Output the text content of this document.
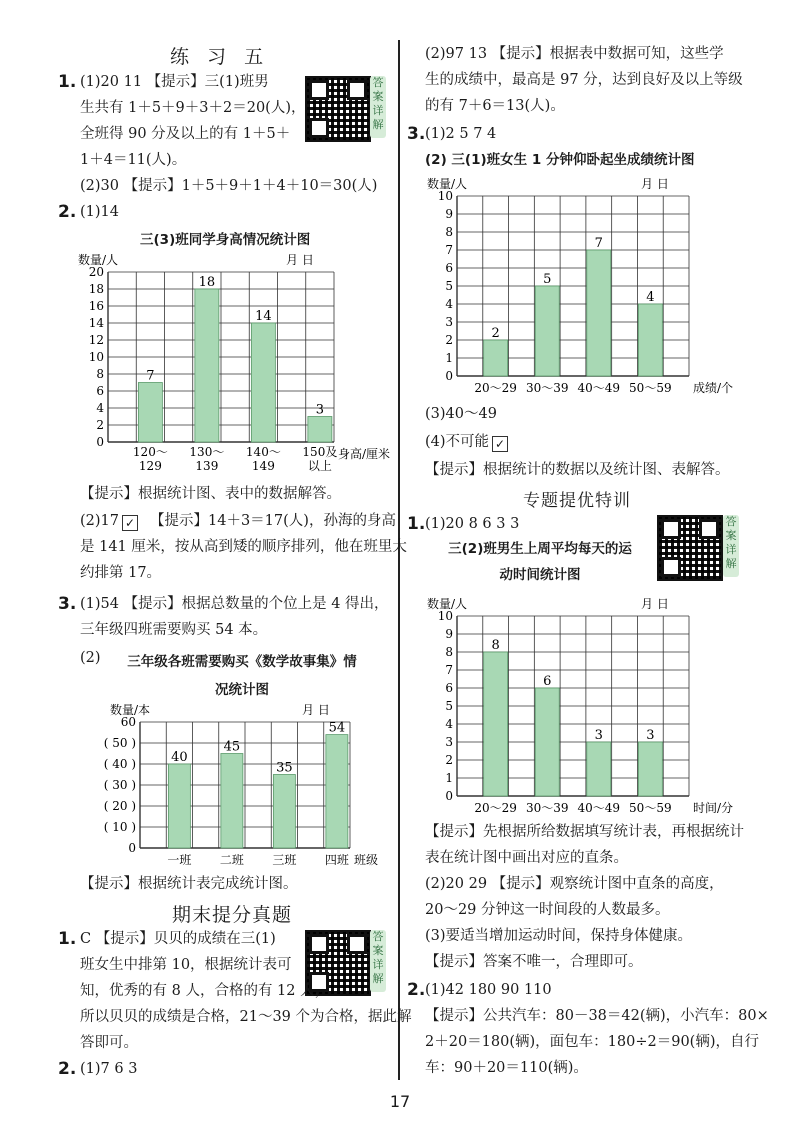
练 习 五
答案详解
1. (1)20 11 【提示】三(1)班男
生共有 1＋5＋9＋3＋2＝20(人)，
全班得 90 分及以上的有 1＋5＋
1＋4＝11(人)。
(2)30 【提示】1＋5＋9＋1＋4＋10＝30(人)
2. (1)14
三(3)班同学身高情况统计图
0
2
4
6
8
10
12
14
16
18
20
数量/人	月 日
7
18
14
3
120～
129
130～
139
140～
149
150及
以上
身高/厘米
【提示】根据统计图、表中的数据解答。
(2)17 ✓ 【提示】14＋3＝17(人)，孙海的身高
是 141 厘米，按从高到矮的顺序排列，他在班里大
约排第 17。
3. (1)54 【提示】根据总数量的个位上是 4 得出，
三年级四班需要购买 54 本。
(2)	三年级各班需要购买《数学故事集》情况统计图
0
( 10 )
( 20 )
( 30 )
( 40 )
( 50 )
60
数量/本	月 日
40
45
35
54
一班 二班 三班 四班 班级
【提示】根据统计表完成统计图。
期末提分真题
答案详解
1. C 【提示】贝贝的成绩在三(1)
班女生中排第 10，根据统计表可
知，优秀的有 8 人，合格的有 12 人，
所以贝贝的成绩是合格，21～39 个为合格，据此解
答即可。
2. (1)7 6 3
(2)97 13 【提示】根据表中数据可知，这些学
生的成绩中，最高是 97 分，达到良好及以上等级
的有 7＋6＝13(人)。
3. (1)2 5 7 4
(2) 三(1)班女生 1 分钟仰卧起坐成绩统计图
0
1
2
3
4
5
6
7
8
9
10
数量/人	月 日
2
5
7
4
20～29 30～39 40～49 50～59 成绩/个
(3)40～49
(4)不可能 ✓
【提示】根据统计的数据以及统计图、表解答。
专题提优特训
答案详解
1. (1)20 8 6 3 3
三(2)班男生上周平均每天的运动时间统计图
0
1
2
3
4
5
6
7
8
9
10
数量/人	月 日
8
6
3	3
20～29 30～39 40～49 50～59 时间/分
【提示】先根据所给数据填写统计表，再根据统计
表在统计图中画出对应的直条。
(2)20 29 【提示】观察统计图中直条的高度，
20～29 分钟这一时间段的人数最多。
(3)要适当增加运动时间，保持身体健康。
【提示】答案不唯一，合理即可。
2. (1)42 180 90 110
【提示】公共汽车：80－38＝42(辆)，小汽车：80×
2＋20＝180(辆)，面包车：180÷2＝90(辆)，自行
车：90＋20＝110(辆)。
17
